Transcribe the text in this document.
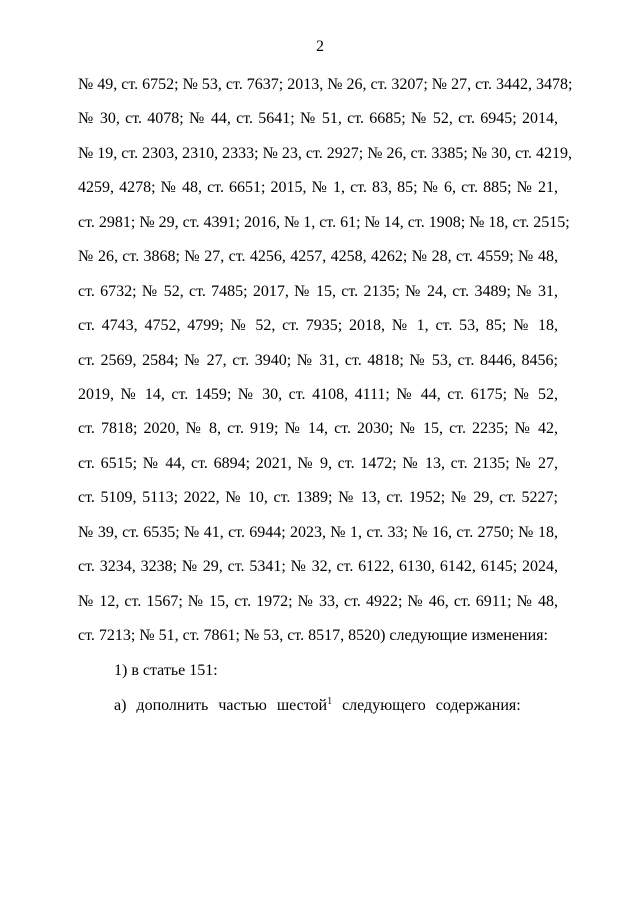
2
№ 49, ст. 6752; № 53, ст. 7637; 2013, № 26, ст. 3207; № 27, ст. 3442, 3478;
№ 30, ст. 4078; № 44, ст. 5641; № 51, ст. 6685; № 52, ст. 6945; 2014,
№ 19, ст. 2303, 2310, 2333; № 23, ст. 2927; № 26, ст. 3385; № 30, ст. 4219,
4259, 4278; № 48, ст. 6651; 2015, № 1, ст. 83, 85; № 6, ст. 885; № 21,
ст. 2981; № 29, ст. 4391; 2016, № 1, ст. 61; № 14, ст. 1908; № 18, ст. 2515;
№ 26, ст. 3868; № 27, ст. 4256, 4257, 4258, 4262; № 28, ст. 4559; № 48,
ст. 6732; № 52, ст. 7485; 2017, № 15, ст. 2135; № 24, ст. 3489; № 31,
ст. 4743, 4752, 4799; № 52, ст. 7935; 2018, № 1, ст. 53, 85; № 18,
ст. 2569, 2584; № 27, ст. 3940; № 31, ст. 4818; № 53, ст. 8446, 8456;
2019, № 14, ст. 1459; № 30, ст. 4108, 4111; № 44, ст. 6175; № 52,
ст. 7818; 2020, № 8, ст. 919; № 14, ст. 2030; № 15, ст. 2235; № 42,
ст. 6515; № 44, ст. 6894; 2021, № 9, ст. 1472; № 13, ст. 2135; № 27,
ст. 5109, 5113; 2022, № 10, ст. 1389; № 13, ст. 1952; № 29, ст. 5227;
№ 39, ст. 6535; № 41, ст. 6944; 2023, № 1, ст. 33; № 16, ст. 2750; № 18,
ст. 3234, 3238; № 29, ст. 5341; № 32, ст. 6122, 6130, 6142, 6145; 2024,
№ 12, ст. 1567; № 15, ст. 1972; № 33, ст. 4922; № 46, ст. 6911; № 48,
ст. 7213; № 51, ст. 7861; № 53, ст. 8517, 8520) следующие изменения:
1) в статье 151:
а) дополнить частью шестой$^1$ следующего содержания:
